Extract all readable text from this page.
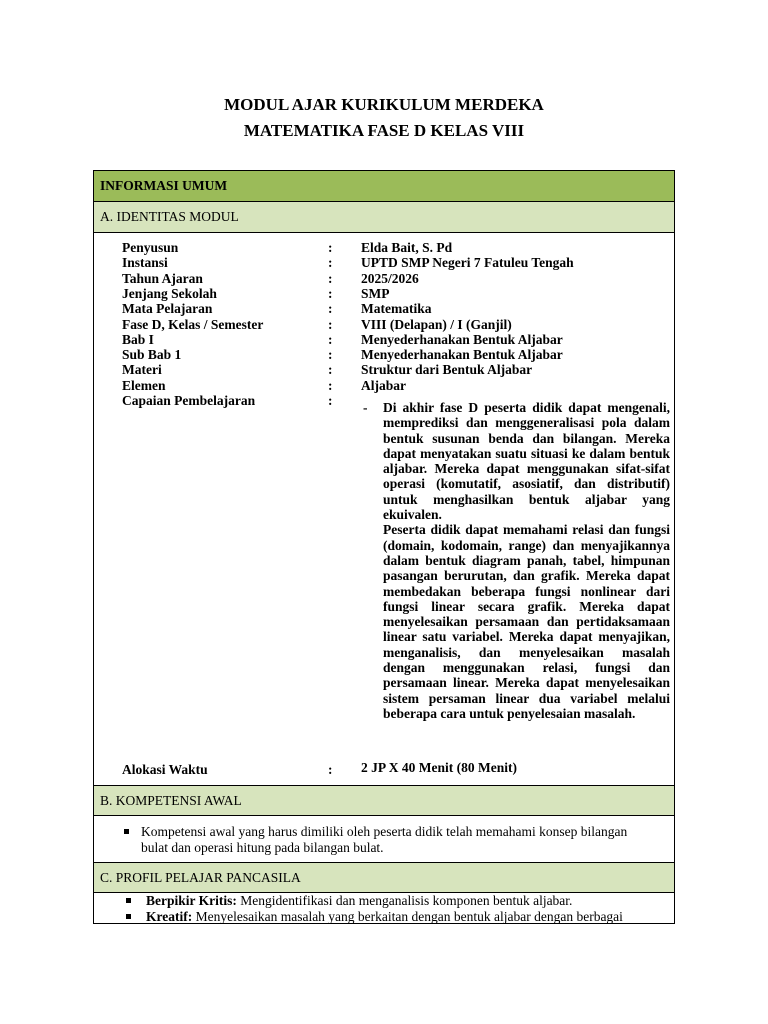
MODUL AJAR KURIKULUM MERDEKA
MATEMATIKA FASE D KELAS VIII
INFORMASI UMUM
A. IDENTITAS MODUL
Penyusun	: Elda Bait, S. Pd
Instansi	: UPTD SMP Negeri 7 Fatuleu Tengah
Tahun Ajaran	: 2025/2026
Jenjang Sekolah	: SMP
Mata Pelajaran	: Matematika
Fase D, Kelas / Semester	: VIII (Delapan) / I (Ganjil)
Bab I	: Menyederhanakan Bentuk Aljabar
Sub Bab 1	: Menyederhanakan Bentuk Aljabar
Materi	: Struktur dari Bentuk Aljabar
Elemen	: Aljabar
Capaian Pembelajaran	: - Di akhir fase D peserta didik dapat mengenali, memprediksi dan menggeneralisasi pola dalam bentuk susunan benda dan bilangan. Mereka dapat menyatakan suatu situasi ke dalam bentuk aljabar. Mereka dapat menggunakan sifat-sifat operasi (komutatif, asosiatif, dan distributif) untuk menghasilkan bentuk aljabar yang ekuivalen.

Peserta didik dapat memahami relasi dan fungsi (domain, kodomain, range) dan menyajikannya dalam bentuk diagram panah, tabel, himpunan pasangan berurutan, dan grafik. Mereka dapat membedakan beberapa fungsi nonlinear dari fungsi linear secara grafik. Mereka dapat menyelesaikan persamaan dan pertidaksamaan linear satu variabel. Mereka dapat menyajikan, menganalisis, dan menyelesaikan masalah dengan menggunakan relasi, fungsi dan persamaan linear. Mereka dapat menyelesaikan sistem persaman linear dua variabel melalui beberapa cara untuk penyelesaian masalah.

Alokasi Waktu	: 2 JP X 40 Menit (80 Menit)
B. KOMPETENSI AWAL
Kompetensi awal yang harus dimiliki oleh peserta didik telah memahami konsep bilangan
bulat dan operasi hitung pada bilangan bulat.
C. PROFIL PELAJAR PANCASILA
Berpikir Kritis: Mengidentifikasi dan menganalisis komponen bentuk aljabar.
Kreatif: Menyelesaikan masalah yang berkaitan dengan bentuk aljabar dengan berbagai
